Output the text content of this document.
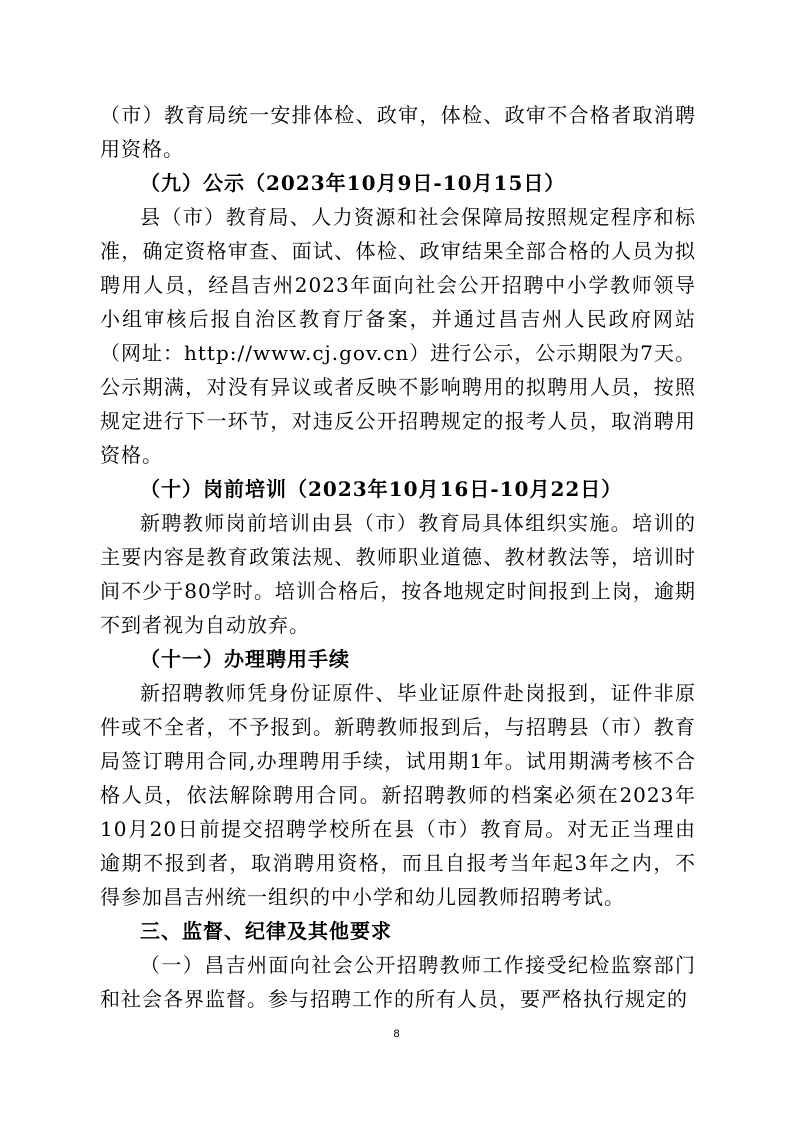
（市）教育局统一安排体检、政审，体检、政审不合格者取消聘用资格。

（九）公示（2023年10月9日-10月15日）

县（市）教育局、人力资源和社会保障局按照规定程序和标准，确定资格审查、面试、体检、政审结果全部合格的人员为拟聘用人员，经昌吉州2023年面向社会公开招聘中小学教师领导小组审核后报自治区教育厅备案，并通过昌吉州人民政府网站（网址：http://www.cj.gov.cn）进行公示，公示期限为7天。公示期满，对没有异议或者反映不影响聘用的拟聘用人员，按照规定进行下一环节，对违反公开招聘规定的报考人员，取消聘用资格。

（十）岗前培训（2023年10月16日-10月22日）

新聘教师岗前培训由县（市）教育局具体组织实施。培训的主要内容是教育政策法规、教师职业道德、教材教法等，培训时间不少于80学时。培训合格后，按各地规定时间报到上岗，逾期不到者视为自动放弃。

（十一）办理聘用手续

新招聘教师凭身份证原件、毕业证原件赴岗报到，证件非原件或不全者，不予报到。新聘教师报到后，与招聘县（市）教育局签订聘用合同,办理聘用手续，试用期1年。试用期满考核不合格人员，依法解除聘用合同。新招聘教师的档案必须在2023年10月20日前提交招聘学校所在县（市）教育局。对无正当理由逾期不报到者，取消聘用资格，而且自报考当年起3年之内，不得参加昌吉州统一组织的中小学和幼儿园教师招聘考试。

三、监督、纪律及其他要求

（一）昌吉州面向社会公开招聘教师工作接受纪检监察部门和社会各界监督。参与招聘工作的所有人员，要严格执行规定的

8
